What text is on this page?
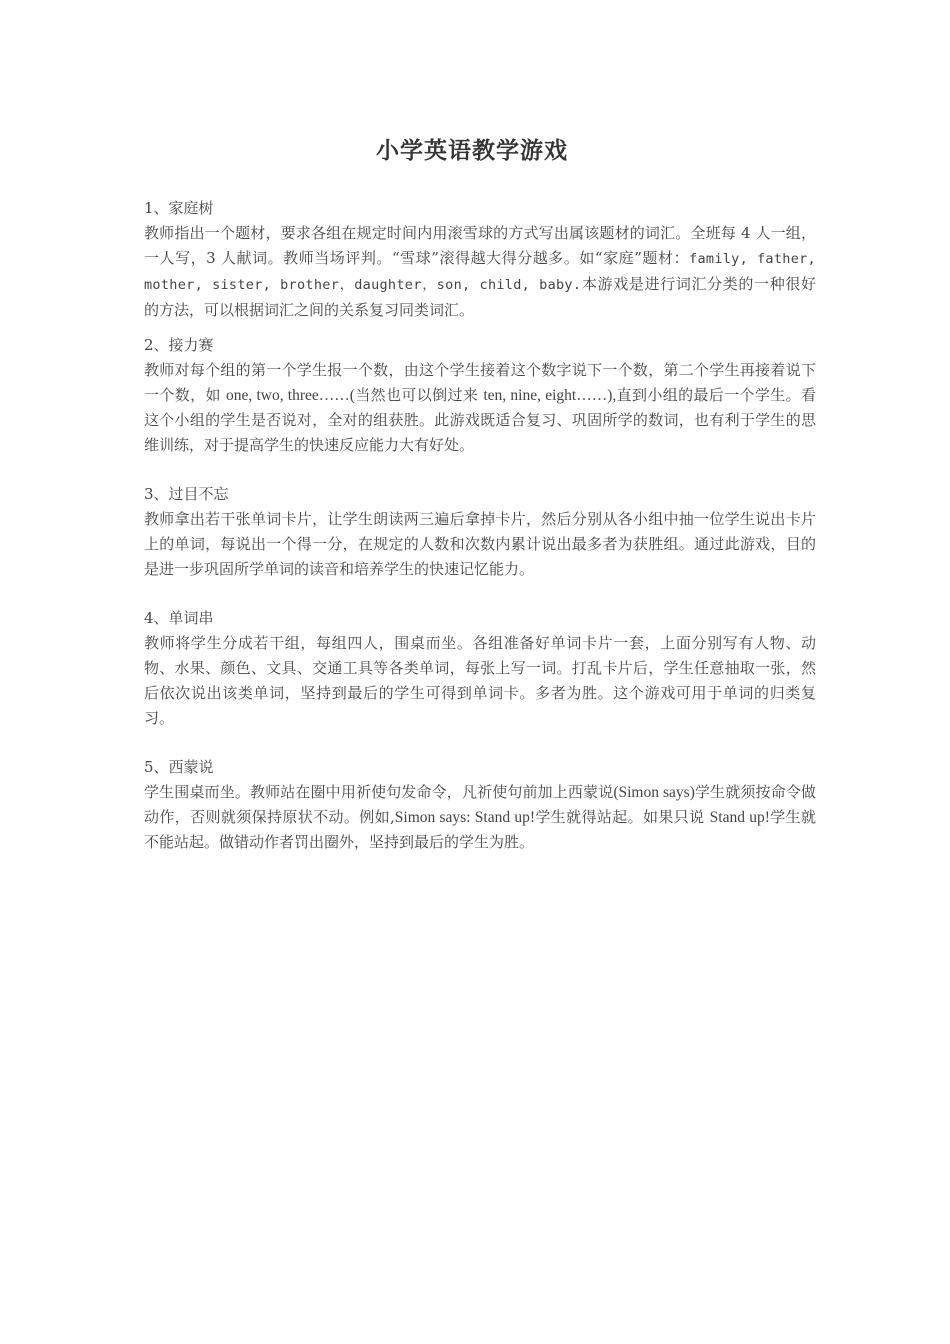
小学英语教学游戏
1、家庭树
教师指出一个题材，要求各组在规定时间内用滚雪球的方式写出属该题材的词汇。全班每 4 人一组，一人写，3 人献词。教师当场评判。“雪球”滚得越大得分越多。如“家庭”题材：family, father, mother, sister, brother，daughter，son, child, baby.本游戏是进行词汇分类的一种很好的方法，可以根据词汇之间的关系复习同类词汇。
2、接力赛
教师对每个组的第一个学生报一个数，由这个学生接着这个数字说下一个数，第二个学生再接着说下一个数，如 one, two, three……(当然也可以倒过来 ten, nine, eight……),直到小组的最后一个学生。看这个小组的学生是否说对，全对的组获胜。此游戏既适合复习、巩固所学的数词，也有利于学生的思维训练，对于提高学生的快速反应能力大有好处。
3、过目不忘
教师拿出若干张单词卡片，让学生朗读两三遍后拿掉卡片，然后分别从各小组中抽一位学生说出卡片上的单词，每说出一个得一分，在规定的人数和次数内累计说出最多者为获胜组。通过此游戏，目的是进一步巩固所学单词的读音和培养学生的快速记忆能力。
4、单词串
教师将学生分成若干组，每组四人，围桌而坐。各组准备好单词卡片一套，上面分别写有人物、动物、水果、颜色、文具、交通工具等各类单词，每张上写一词。打乱卡片后，学生任意抽取一张，然后依次说出该类单词，坚持到最后的学生可得到单词卡。多者为胜。这个游戏可用于单词的归类复习。
5、西蒙说
学生围桌而坐。教师站在圈中用祈使句发命令，凡祈使句前加上西蒙说(Simon says)学生就须按命令做动作，否则就须保持原状不动。例如,Simon says: Stand up!学生就得站起。如果只说 Stand up!学生就不能站起。做错动作者罚出圈外，坚持到最后的学生为胜。
